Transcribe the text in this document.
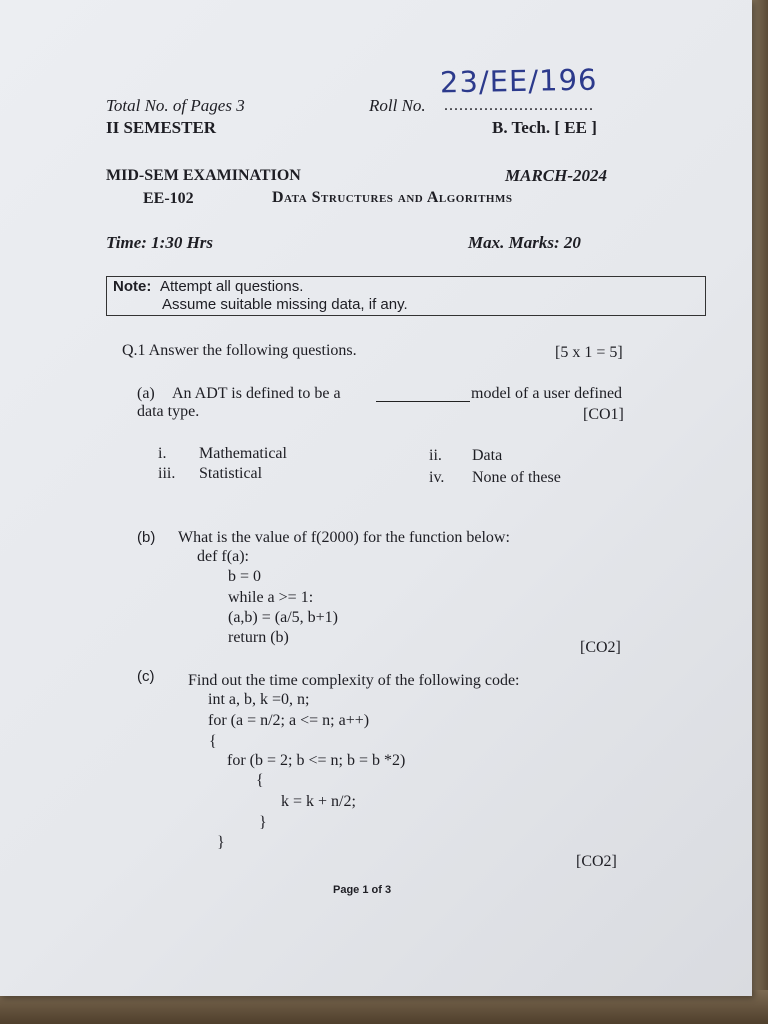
23/EE/196
Total No. of Pages 3	Roll No. ..............................
II SEMESTER	B. Tech. [ EE ]
MID-SEM EXAMINATION	MARCH-2024
EE-102	Data Structures and Algorithms
Time: 1:30 Hrs	Max. Marks: 20
Note: Attempt all questions.
Assume suitable missing data, if any.
Q.1 Answer the following questions.	[5 x 1 = 5]
(a) An ADT is defined to be a	model of a user defined
data type.	[CO1]
i. Mathematical	ii. Data
iii. Statistical	iv. None of these
(b) What is the value of f(2000) for the function below:
def f(a):
b = 0
while a >= 1:
(a,b) = (a/5, b+1)
return (b)
[CO2]
(c) Find out the time complexity of the following code:
int a, b, k =0, n;
for (a = n/2; a <= n; a++)
{
for (b = 2; b <= n; b = b *2)
{
k = k + n/2;
}
}
[CO2]
Page 1 of 3
